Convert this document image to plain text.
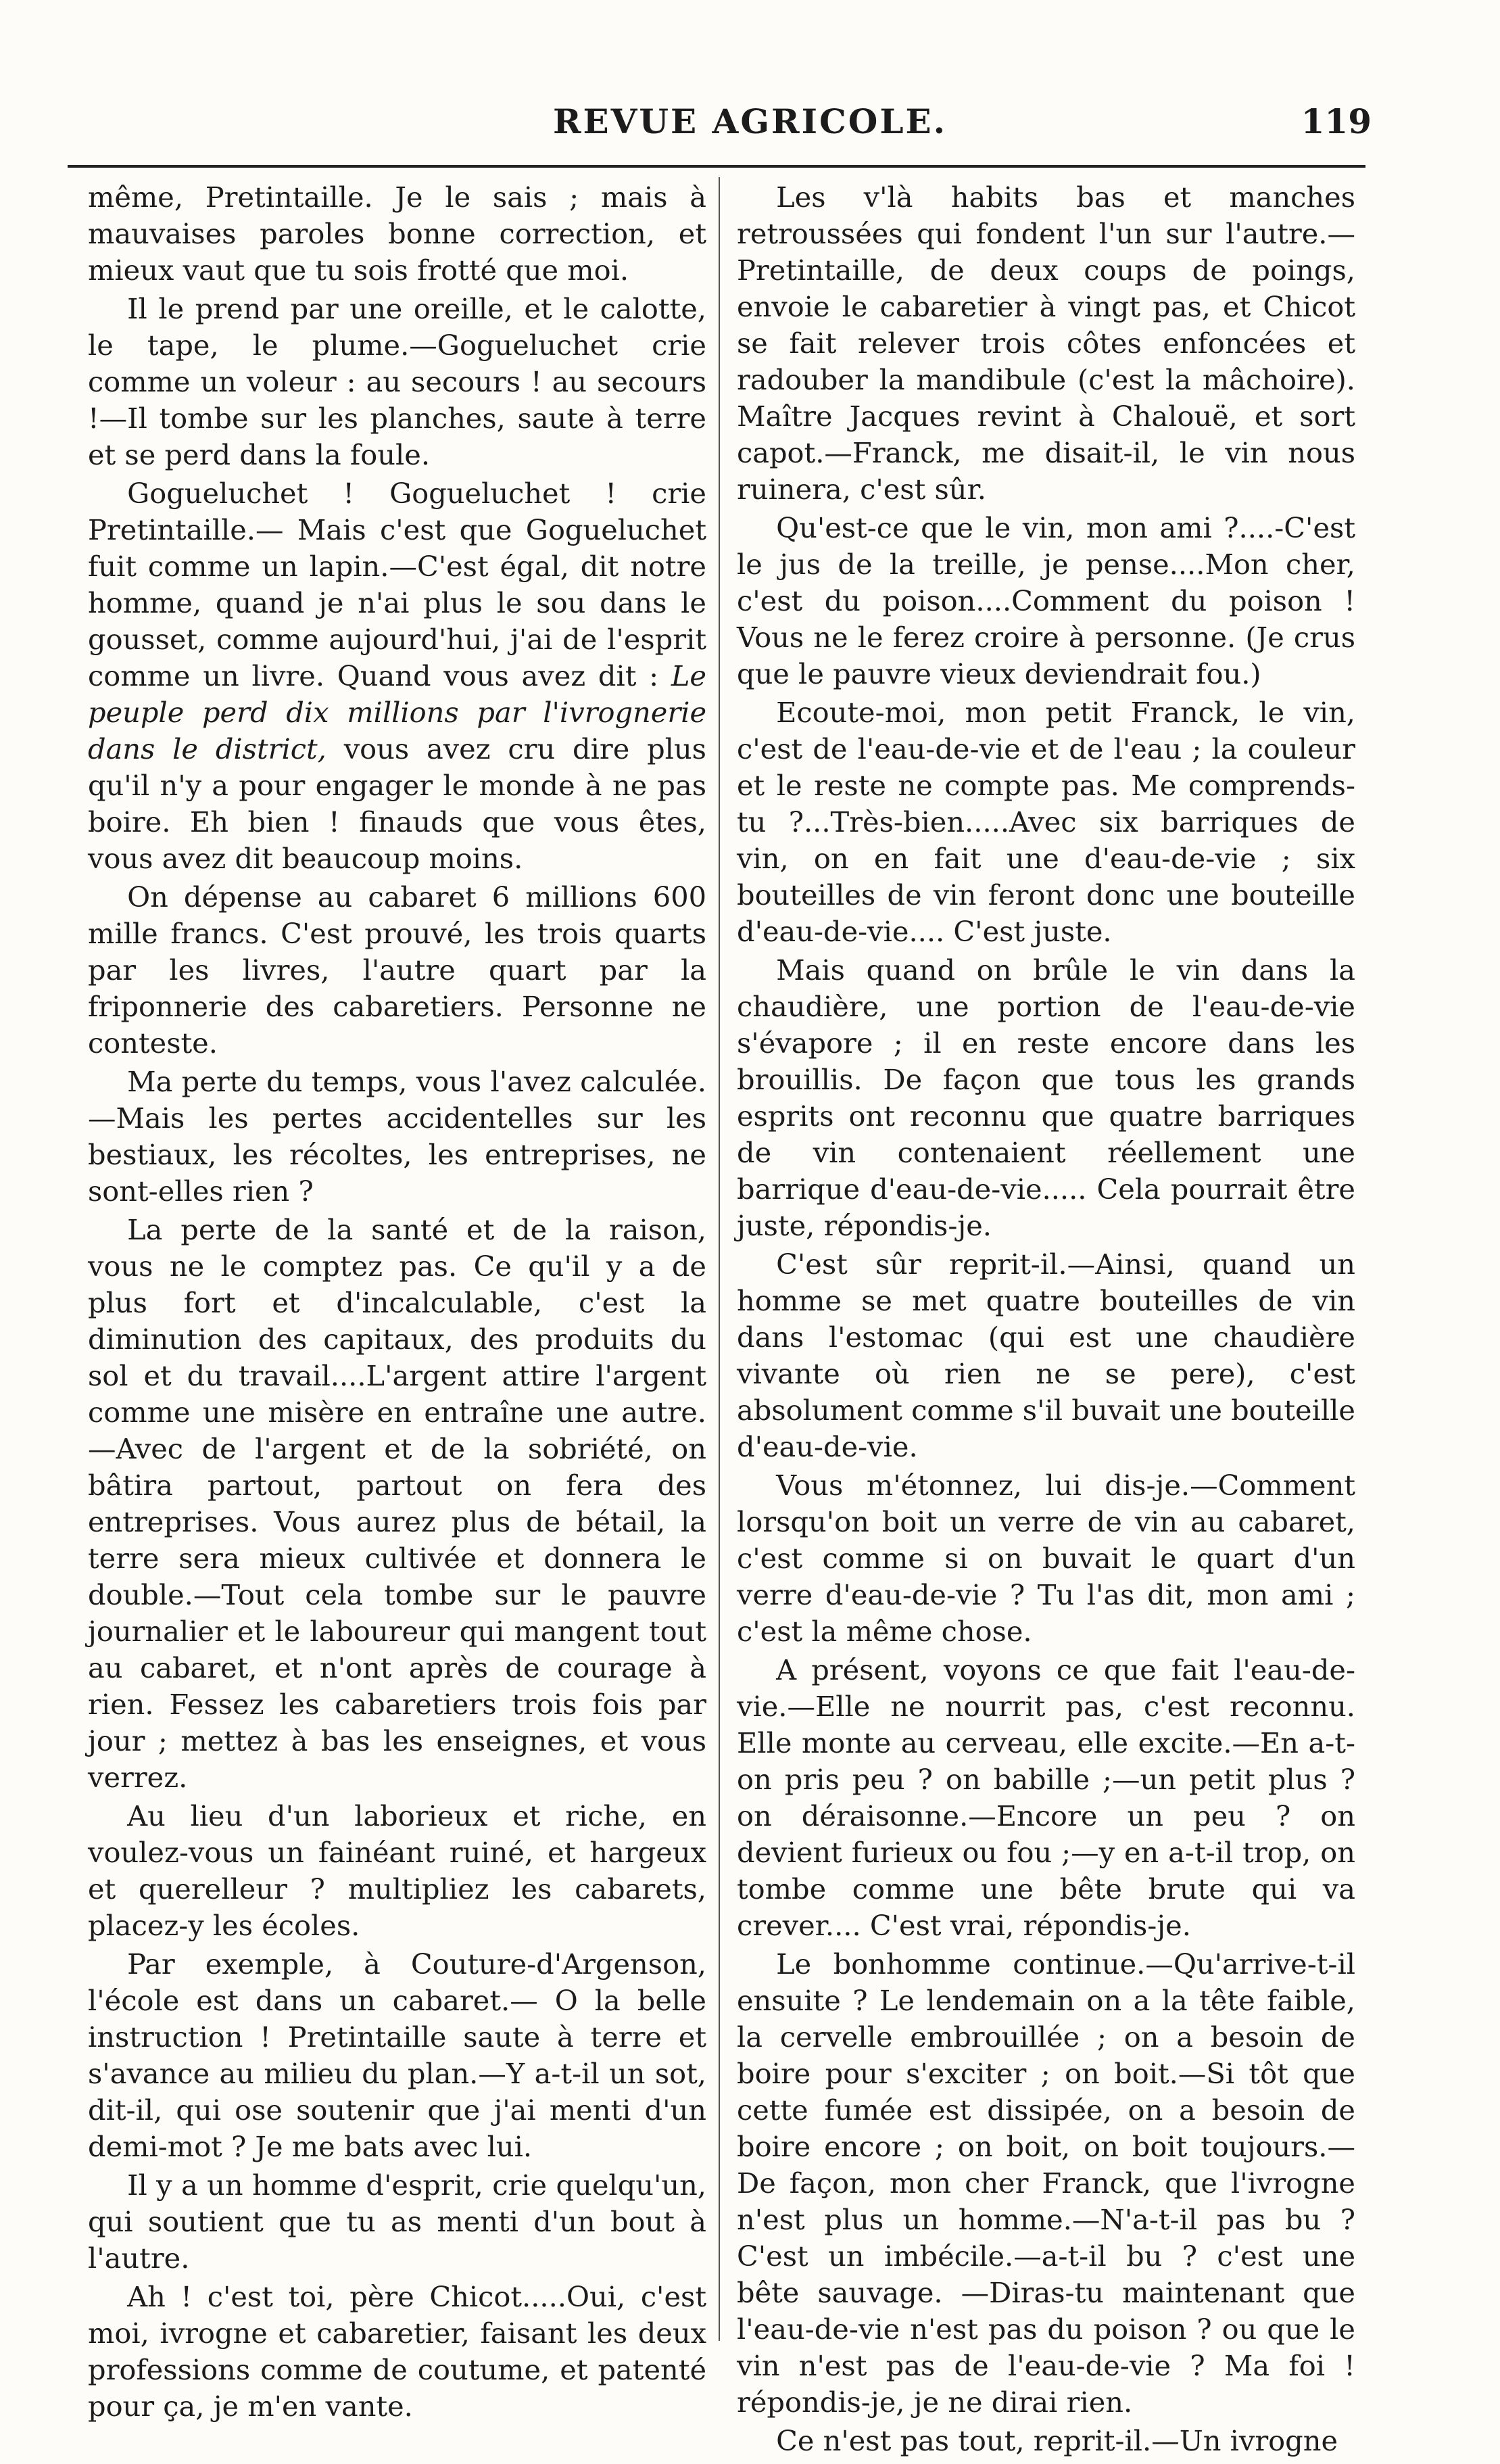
REVUE AGRICOLE.	119

même, Pretintaille. Je le sais ; mais à mauvaises paroles bonne correction, et mieux vaut que tu sois frotté que moi.

Il le prend par une oreille, et le calotte, le tape, le plume.—Gogueluchet crie comme un voleur : au secours ! au secours !—Il tombe sur les planches, saute à terre et se perd dans la foule.

Gogueluchet ! Gogueluchet ! crie Pretintaille.— Mais c'est que Gogueluchet fuit comme un lapin.—C'est égal, dit notre homme, quand je n'ai plus le sou dans le gousset, comme aujourd'hui, j'ai de l'esprit comme un livre. Quand vous avez dit : Le peuple perd dix millions par l'ivrognerie dans le district, vous avez cru dire plus qu'il n'y a pour engager le monde à ne pas boire. Eh bien ! finauds que vous êtes, vous avez dit beaucoup moins.

On dépense au cabaret 6 millions 600 mille francs. C'est prouvé, les trois quarts par les livres, l'autre quart par la friponnerie des cabaretiers. Personne ne conteste.

Ma perte du temps, vous l'avez calculée. —Mais les pertes accidentelles sur les bestiaux, les récoltes, les entreprises, ne sont-elles rien ?

La perte de la santé et de la raison, vous ne le comptez pas. Ce qu'il y a de plus fort et d'incalculable, c'est la diminution des capitaux, des produits du sol et du travail....L'argent attire l'argent comme une misère en entraîne une autre.—Avec de l'argent et de la sobriété, on bâtira partout, partout on fera des entreprises. Vous aurez plus de bétail, la terre sera mieux cultivée et donnera le double.—Tout cela tombe sur le pauvre journalier et le laboureur qui mangent tout au cabaret, et n'ont après de courage à rien. Fessez les cabaretiers trois fois par jour ; mettez à bas les enseignes, et vous verrez.

Au lieu d'un laborieux et riche, en voulez-vous un fainéant ruiné, et hargeux et querelleur ? multipliez les cabarets, placez-y les écoles.

Par exemple, à Couture-d'Argenson, l'école est dans un cabaret.— O la belle instruction ! Pretintaille saute à terre et s'avance au milieu du plan.—Y a-t-il un sot, dit-il, qui ose soutenir que j'ai menti d'un demi-mot ? Je me bats avec lui.

Il y a un homme d'esprit, crie quelqu'un, qui soutient que tu as menti d'un bout à l'autre.

Ah ! c'est toi, père Chicot.....Oui, c'est moi, ivrogne et cabaretier, faisant les deux professions comme de coutume, et patenté pour ça, je m'en vante.

Les v'là habits bas et manches retroussées qui fondent l'un sur l'autre.—Pretintaille, de deux coups de poings, envoie le cabaretier à vingt pas, et Chicot se fait relever trois côtes enfoncées et radouber la mandibule (c'est la mâchoire). Maître Jacques revint à Chalouë, et sort capot.—Franck, me disait-il, le vin nous ruinera, c'est sûr.

Qu'est-ce que le vin, mon ami ?....-C'est le jus de la treille, je pense....Mon cher, c'est du poison....Comment du poison ! Vous ne le ferez croire à personne. (Je crus que le pauvre vieux deviendrait fou.)

Ecoute-moi, mon petit Franck, le vin, c'est de l'eau-de-vie et de l'eau ; la couleur et le reste ne compte pas. Me comprends-tu ?...Très-bien.....Avec six barriques de vin, on en fait une d'eau-de-vie ; six bouteilles de vin feront donc une bouteille d'eau-de-vie.... C'est juste.

Mais quand on brûle le vin dans la chaudière, une portion de l'eau-de-vie s'évapore ; il en reste encore dans les brouillis. De façon que tous les grands esprits ont reconnu que quatre barriques de vin contenaient réellement une barrique d'eau-de-vie..... Cela pourrait être juste, répondis-je.

C'est sûr reprit-il.—Ainsi, quand un homme se met quatre bouteilles de vin dans l'estomac (qui est une chaudière vivante où rien ne se pere), c'est absolument comme s'il buvait une bouteille d'eau-de-vie.

Vous m'étonnez, lui dis-je.—Comment lorsqu'on boit un verre de vin au cabaret, c'est comme si on buvait le quart d'un verre d'eau-de-vie ? Tu l'as dit, mon ami ; c'est la même chose.

A présent, voyons ce que fait l'eau-de-vie.—Elle ne nourrit pas, c'est reconnu. Elle monte au cerveau, elle excite.—En a-t-on pris peu ? on babille ;—un petit plus ? on déraisonne.—Encore un peu ? on devient furieux ou fou ;—y en a-t-il trop, on tombe comme une bête brute qui va crever.... C'est vrai, répondis-je.

Le bonhomme continue.—Qu'arrive-t-il ensuite ? Le lendemain on a la tête faible, la cervelle embrouillée ; on a besoin de boire pour s'exciter ; on boit.—Si tôt que cette fumée est dissipée, on a besoin de boire encore ; on boit, on boit toujours.—De façon, mon cher Franck, que l'ivrogne n'est plus un homme.—N'a-t-il pas bu ? C'est un imbécile.—a-t-il bu ? c'est une bête sauvage. —Diras-tu maintenant que l'eau-de-vie n'est pas du poison ? ou que le vin n'est pas de l'eau-de-vie ? Ma foi ! répondis-je, je ne dirai rien.

Ce n'est pas tout, reprit-il.—Un ivrogne
